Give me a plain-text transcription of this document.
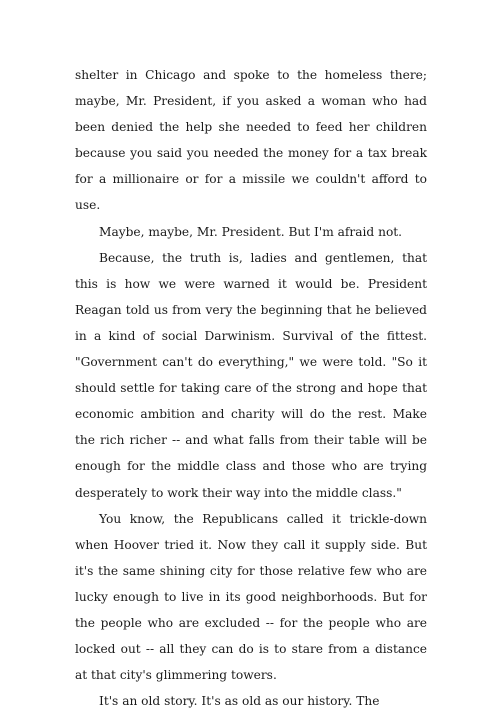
shelter in Chicago and spoke to the homeless there; maybe, Mr. President, if you asked a woman who had been denied the help she needed to feed her children because you said you needed the money for a tax break for a millionaire or for a missile we couldn't afford to use.

Maybe, maybe, Mr. President. But I'm afraid not.

Because, the truth is, ladies and gentlemen, that this is how we were warned it would be. President Reagan told us from very the beginning that he believed in a kind of social Darwinism. Survival of the fittest. "Government can't do everything," we were told. "So it should settle for taking care of the strong and hope that economic ambition and charity will do the rest. Make the rich richer -- and what falls from their table will be enough for the middle class and those who are trying desperately to work their way into the middle class."

You know, the Republicans called it trickle-down when Hoover tried it. Now they call it supply side. But it's the same shining city for those relative few who are lucky enough to live in its good neighborhoods. But for the people who are excluded -- for the people who are locked out -- all they can do is to stare from a distance at that city's glimmering towers.

It's an old story. It's as old as our history. The
